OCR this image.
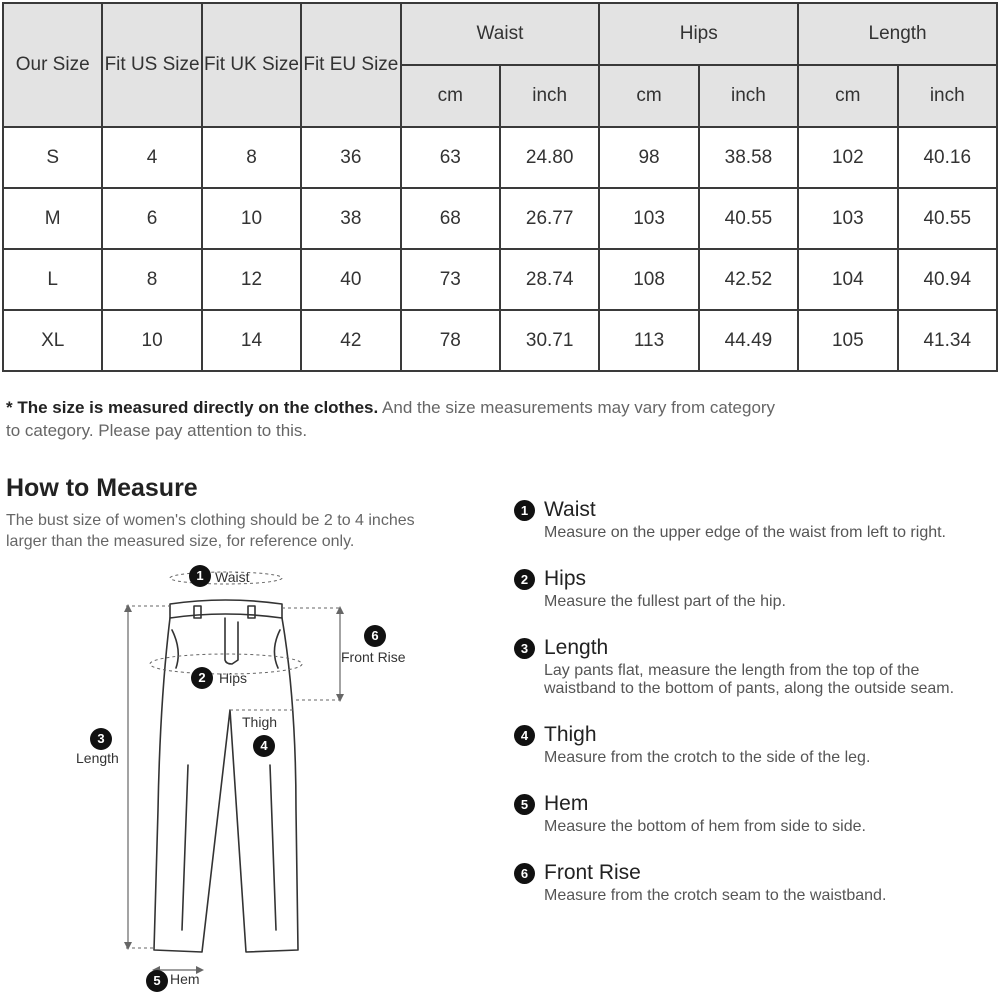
Our Size	Fit US Size	Fit UK Size	Fit EU Size	Waist		Hips		Length	
				cm	inch	cm	inch	cm	inch
S	4	8	36	63	24.80	98	38.58	102	40.16
M	6	10	38	68	26.77	103	40.55	103	40.55
L	8	12	40	73	28.74	108	42.52	104	40.94
XL	10	14	42	78	30.71	113	44.49	105	41.34
* The size is measured directly on the clothes. And the size measurements may vary from category to category. Please pay attention to this.
How to Measure
The bust size of women's clothing should be 2 to 4 inches larger than the measured size, for reference only.
1 Waist
2 Hips
3
Length
Thigh
4
6
Front Rise
5 Hem
1 Waist
Measure on the upper edge of the waist from left to right.
2 Hips
Measure the fullest part of the hip.
3 Length
Lay pants flat, measure the length from the top of the waistband to the bottom of pants, along the outside seam.
4 Thigh
Measure from the crotch to the side of the leg.
5 Hem
Measure the bottom of hem from side to side.
6 Front Rise
Measure from the crotch seam to the waistband.
